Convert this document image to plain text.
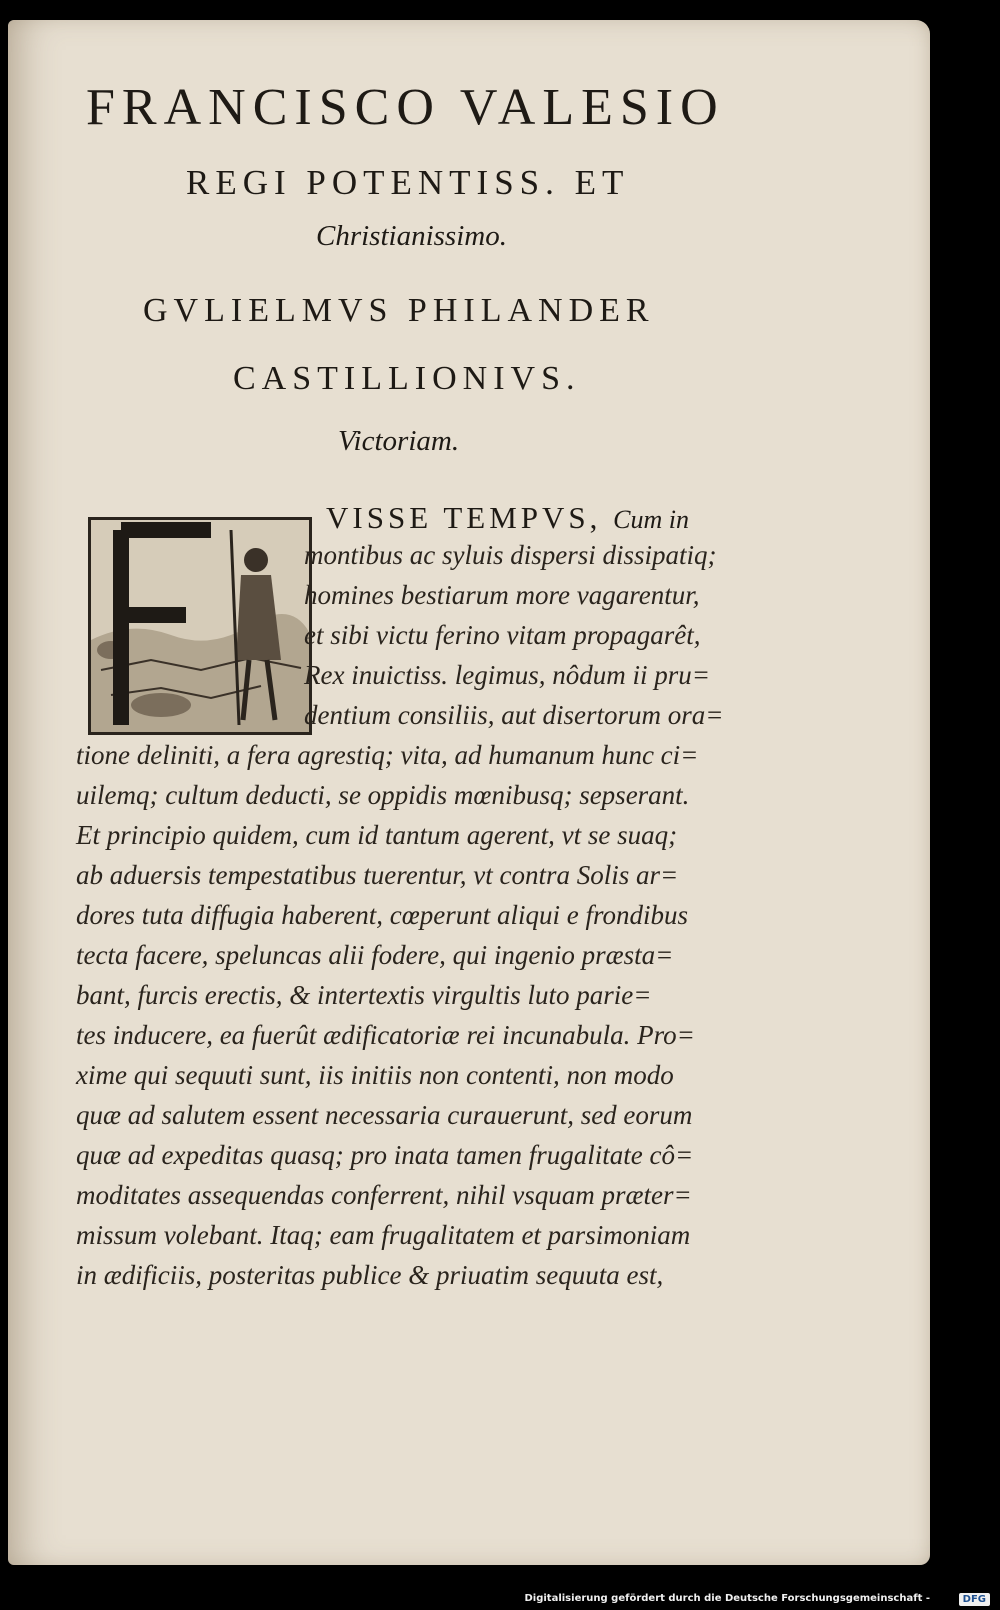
FRANCISCO VALESIO
REGI POTENTISS. ET
Christianissimo.
GVLIELMVS PHILANDER
CASTILLIONIVS.
Victoriam.
VISSE TEMPVS, Cum in
montibus ac syluis dispersi dissipatiq;
homines bestiarum more vagarentur,
et sibi victu ferino vitam propagarêt,
Rex inuictiss. legimus, nôdum ii pru=
dentium consiliis, aut disertorum ora=
tione deliniti, a fera agrestiq; vita, ad humanum hunc ci=
uilemq; cultum deducti, se oppidis mœnibusq; sepserant.
Et principio quidem, cum id tantum agerent, vt se suaq;
ab aduersis tempestatibus tuerentur, vt contra Solis ar=
dores tuta diffugia haberent, cœperunt aliqui e frondibus
tecta facere, speluncas alii fodere, qui ingenio præsta=
bant, furcis erectis, & intertextis virgultis luto parie=
tes inducere, ea fuerût ædificatoriæ rei incunabula. Pro=
xime qui sequuti sunt, iis initiis non contenti, non modo
quæ ad salutem essent necessaria curauerunt, sed eorum
quæ ad expeditas quasq; pro inata tamen frugalitate cô=
moditates assequendas conferrent, nihil vsquam præter=
missum volebant. Itaq; eam frugalitatem et parsimoniam
in ædificiis, posteritas publice & priuatim sequuta est,
Digitalisierung gefördert durch die Deutsche Forschungsgemeinschaft -	DFG
